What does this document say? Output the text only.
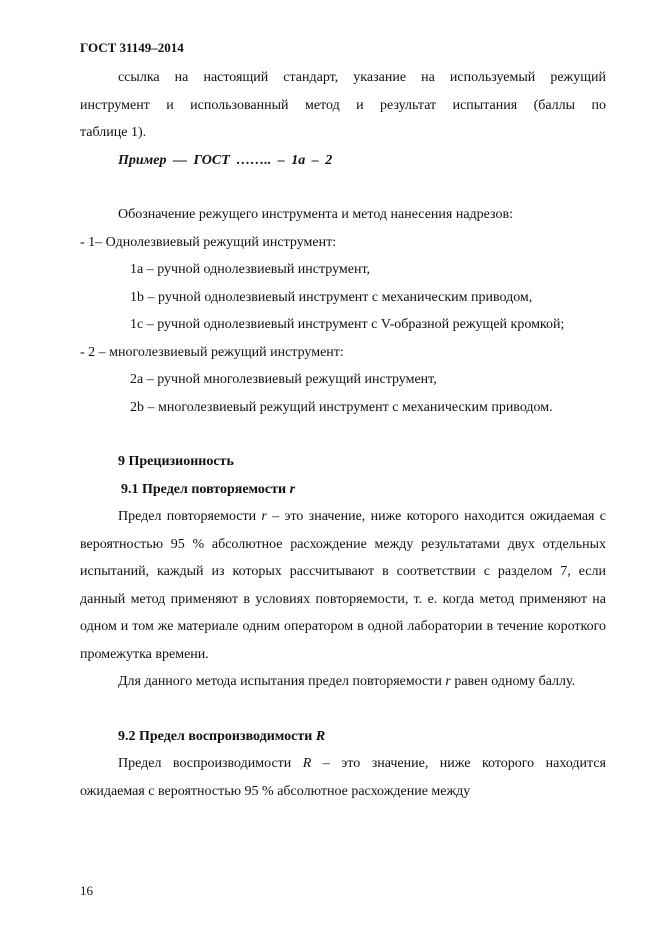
ГОСТ 31149–2014

ссылка на настоящий стандарт, указание на используемый режущий

инструмент и использованный метод и результат испытания (баллы по

таблице 1).

Пример — ГОСТ …….. – 1а – 2

Обозначение режущего инструмента и метод нанесения надрезов:

- 1– Однолезвиевый режущий инструмент:

1а – ручной однолезвиевый инструмент,

1b – ручной однолезвиевый инструмент с механическим приводом,

1с – ручной однолезвиевый инструмент с V-образной режущей кромкой;

- 2 – многолезвиевый режущий инструмент:

2а – ручной многолезвиевый режущий инструмент,

2b – многолезвиевый режущий инструмент с механическим приводом.

9 Прецизионность

9.1 Предел повторяемости r

Предел повторяемости r – это значение, ниже которого находится ожидаемая с вероятностью 95 % абсолютное расхождение между результатами двух отдельных испытаний, каждый из которых рассчитывают в соответствии с разделом 7, если данный метод применяют в условиях повторяемости, т. е. когда метод применяют на одном и том же материале одним оператором в одной лаборатории в течение короткого промежутка времени.

Для данного метода испытания предел повторяемости r равен одному баллу.

9.2 Предел воспроизводимости R

Предел воспроизводимости R – это значение, ниже которого находится ожидаемая с вероятностью 95 % абсолютное расхождение между

16
